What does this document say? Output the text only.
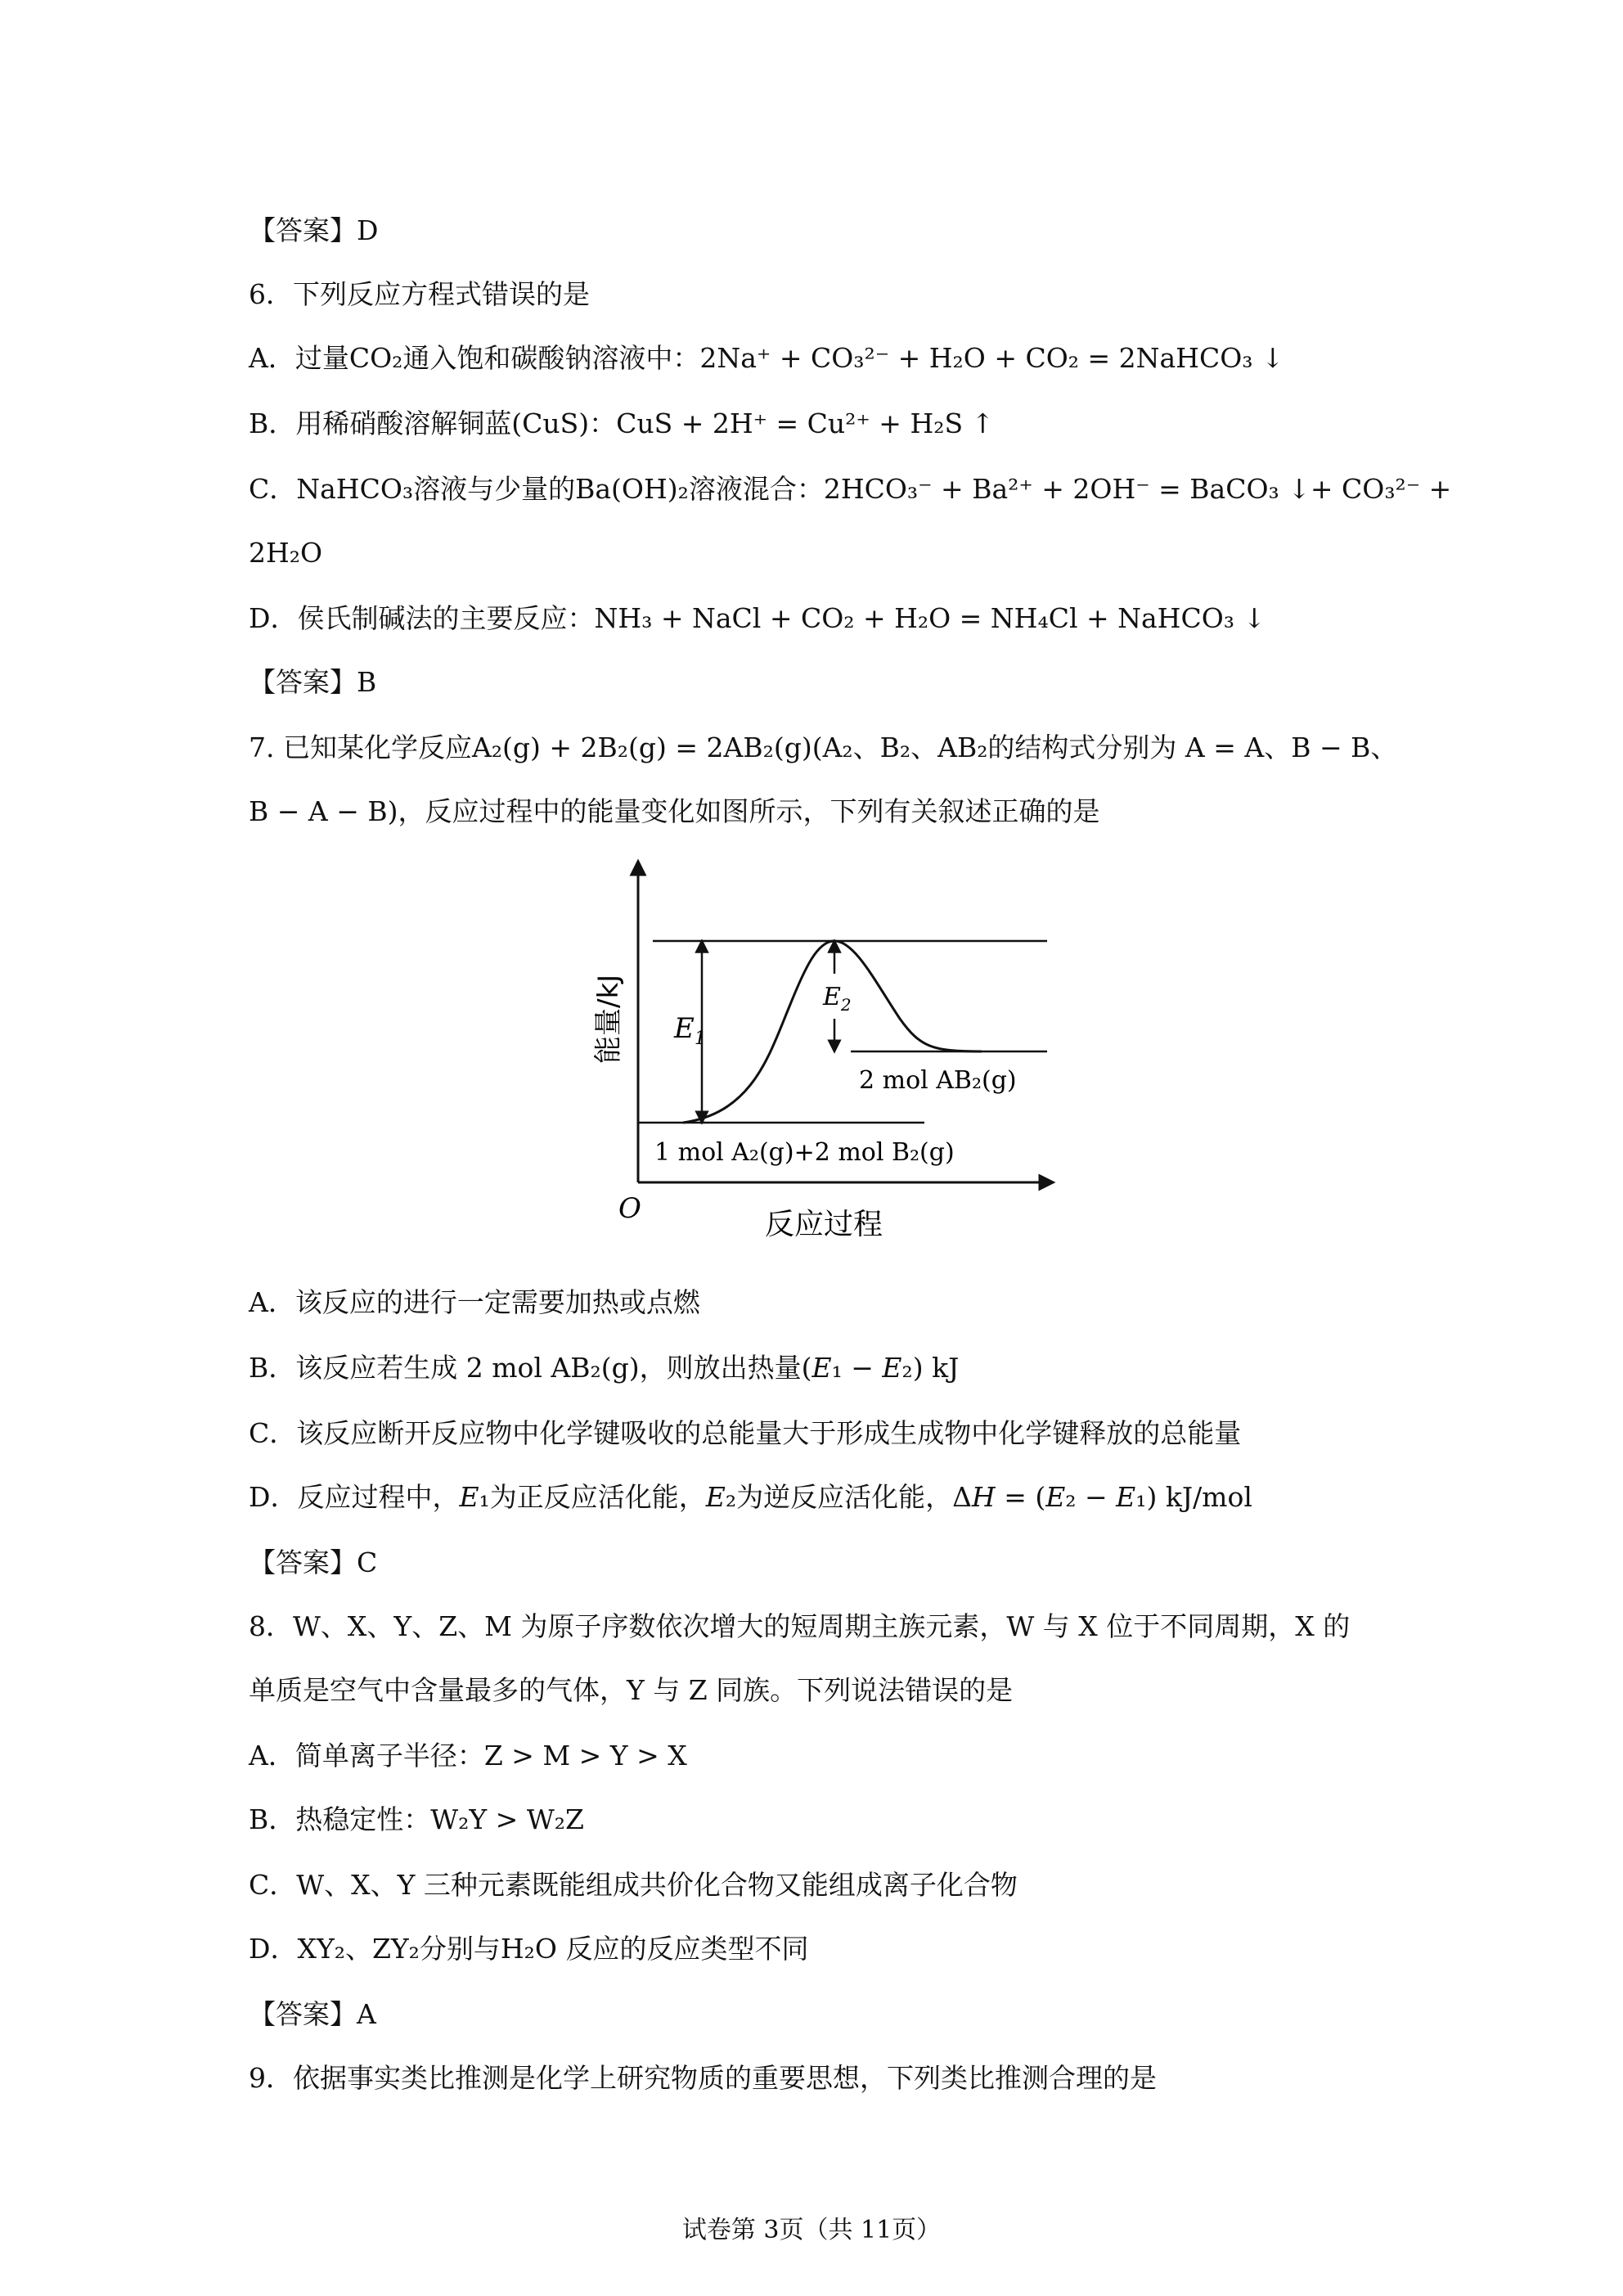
【答案】D
6．下列反应方程式错误的是
A．过量CO₂通入饱和碳酸钠溶液中：2Na⁺ + CO₃²⁻ + H₂O + CO₂ = 2NaHCO₃ ↓
B．用稀硝酸溶解铜蓝(CuS)：CuS + 2H⁺ = Cu²⁺ + H₂S ↑
C．NaHCO₃溶液与少量的Ba(OH)₂溶液混合：2HCO₃⁻ + Ba²⁺ + 2OH⁻ = BaCO₃ ↓+ CO₃²⁻ +
2H₂O
D．侯氏制碱法的主要反应：NH₃ + NaCl + CO₂ + H₂O = NH₄Cl + NaHCO₃ ↓
【答案】B
7. 已知某化学反应A₂(g) + 2B₂(g) = 2AB₂(g)(A₂、B₂、AB₂的结构式分别为 A = A、B − B、
B − A − B)，反应过程中的能量变化如图所示，下列有关叙述正确的是
O	反应过程
能量/kJ $E_1$
$E_2$
2 mol AB₂(g)
1 mol A₂(g)+2 mol B₂(g)
A．该反应的进行一定需要加热或点燃
B．该反应若生成 2 mol AB₂(g)，则放出热量(𝐸₁ − 𝐸₂) kJ
C．该反应断开反应物中化学键吸收的总能量大于形成生成物中化学键释放的总能量
D．反应过程中，𝐸₁为正反应活化能，𝐸₂为逆反应活化能，Δ𝐻 = (𝐸₂ − 𝐸₁) kJ/mol
【答案】C
8．W、X、Y、Z、M 为原子序数依次增大的短周期主族元素，W 与 X 位于不同周期，X 的
单质是空气中含量最多的气体，Y 与 Z 同族。下列说法错误的是
A．简单离子半径：Z > M > Y > X
B．热稳定性：W₂Y > W₂Z
C．W、X、Y 三种元素既能组成共价化合物又能组成离子化合物
D．XY₂、ZY₂分别与H₂O 反应的反应类型不同
【答案】A
9．依据事实类比推测是化学上研究物质的重要思想，下列类比推测合理的是
试卷第 3页（共 11页）
